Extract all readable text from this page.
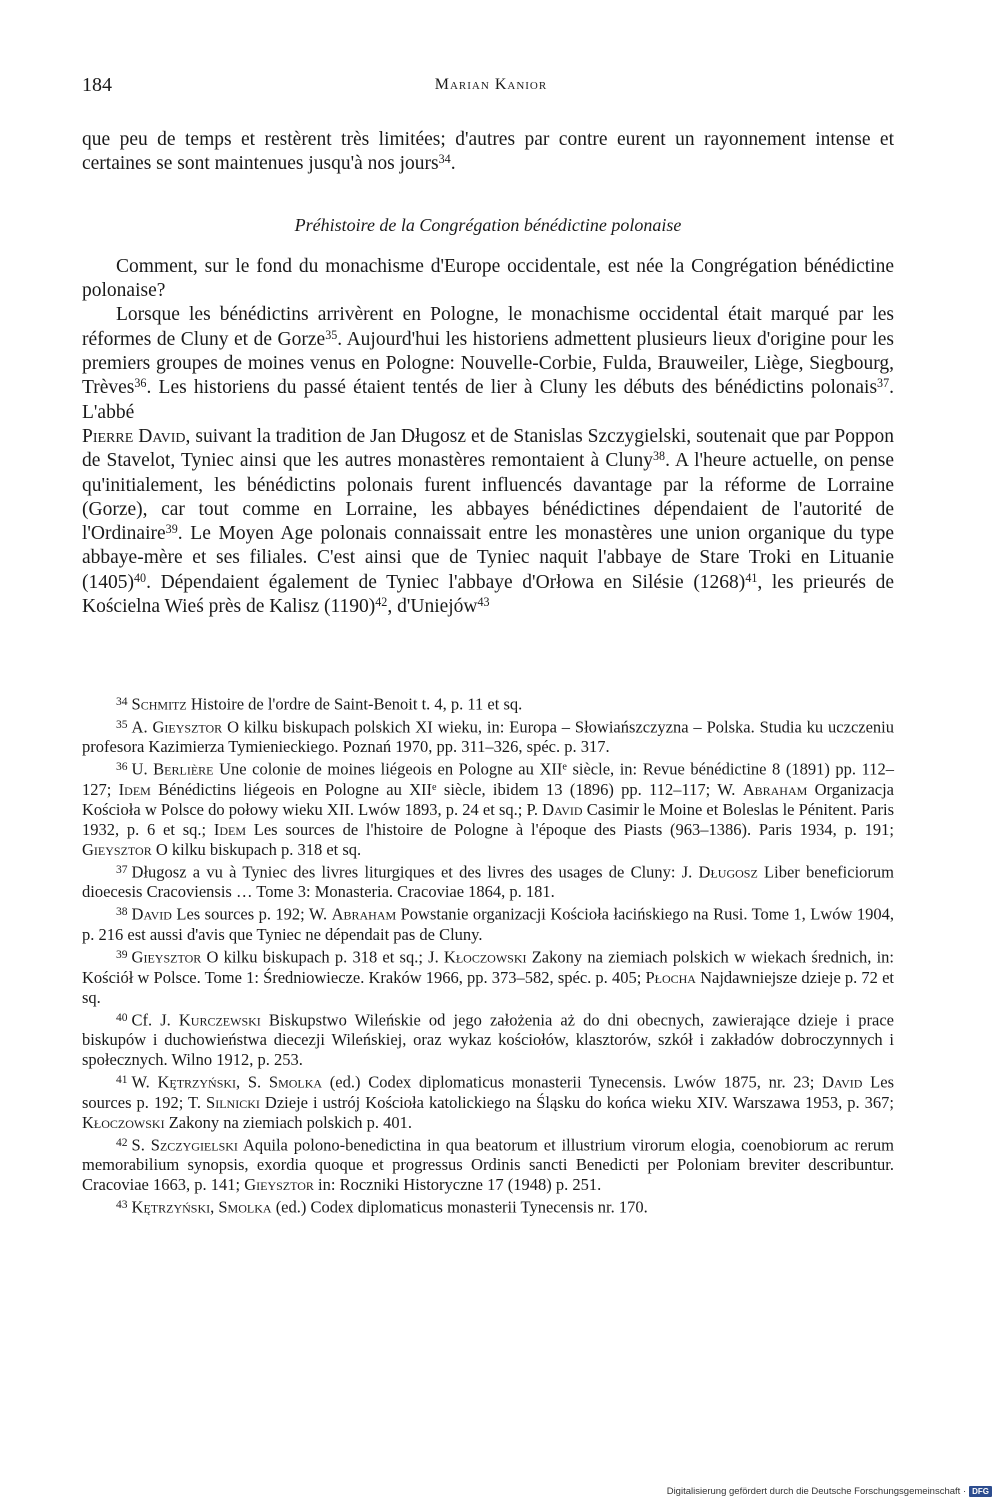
184	Marian Kanior

que peu de temps et restèrent très limitées; d'autres par contre eurent un rayonnement intense et certaines se sont maintenues jusqu'à nos jours$^{34}$.

Préhistoire de la Congrégation bénédictine polonaise

Comment, sur le fond du monachisme d'Europe occidentale, est née la Congrégation bénédictine polonaise?

Lorsque les bénédictins arrivèrent en Pologne, le monachisme occidental était marqué par les réformes de Cluny et de Gorze$^{35}$. Aujourd'hui les historiens admettent plusieurs lieux d'origine pour les premiers groupes de moines venus en Pologne: Nouvelle-Corbie, Fulda, Brauweiler, Liège, Siegbourg, Trèves$^{36}$. Les historiens du passé étaient tentés de lier à Cluny les débuts des bénédictins polonais$^{37}$. L'abbé
Pierre David, suivant la tradition de Jan Długosz et de Stanislas Szczygielski, soutenait que par Poppon de Stavelot, Tyniec ainsi que les autres monastères remontaient à Cluny$^{38}$. A l'heure actuelle, on pense qu'initialement, les bénédictins polonais furent influencés davantage par la réforme de Lorraine (Gorze), car tout comme en Lorraine, les abbayes bénédictines dépendaient de l'autorité de l'Ordinaire$^{39}$. Le Moyen Age polonais connaissait entre les monastères une union organique du type abbaye-mère et ses filiales. C'est ainsi que de Tyniec naquit l'abbaye de Stare Troki en Lituanie $(1405)^{40}$. Dépendaient également de Tyniec l'abbaye d'Orłowa en Silésie $(1268)^{41}$, les prieurés de Kościelna Wieś près de Kalisz $(1190)^{42}$, d'Uniejów$^{43}$

$^{34}$ Schmitz Histoire de l'ordre de Saint-Benoit t. 4, p. 11 et sq.

$^{35}$ A. Gieysztor O kilku biskupach polskich XI wieku, in: Europa – Słowiańszczyzna – Polska. Studia ku uczczeniu profesora Kazimierza Tymienieckiego. Poznań 1970, pp. 311–326, spéc. p. 317.

$^{36}$ U. Berlière Une colonie de moines liégeois en Pologne au XIIe siècle, in: Revue bénédictine 8 (1891) pp. 112–127; Idem Bénédictins liégeois en Pologne au XIIe siècle, ibidem 13 (1896) pp. 112–117; W. Abraham Organizacja Kościoła w Polsce do połowy wieku XII. Lwów 1893, p. 24 et sq.; P. David Casimir le Moine et Boleslas le Pénitent. Paris 1932, p. 6 et sq.; Idem Les sources de l'histoire de Pologne à l'époque des Piasts (963–1386). Paris 1934, p. 191; Gieysztor O kilku biskupach p. 318 et sq.

$^{37}$ Długosz a vu à Tyniec des livres liturgiques et des livres des usages de Cluny: J. Długosz Liber beneficiorum dioecesis Cracoviensis … Tome 3: Monasteria. Cracoviae 1864, p. 181.

$^{38}$ David Les sources p. 192; W. Abraham Powstanie organizacji Kościoła łacińskiego na Rusi. Tome 1, Lwów 1904, p. 216 est aussi d'avis que Tyniec ne dépendait pas de Cluny.

$^{39}$ Gieysztor O kilku biskupach p. 318 et sq.; J. Kłoczowski Zakony na ziemiach polskich w wiekach średnich, in: Kościół w Polsce. Tome 1: Średniowiecze. Kraków 1966, pp. 373–582, spéc. p. 405; Płocha Najdawniejsze dzieje p. 72 et sq.

$^{40}$ Cf. J. Kurczewski Biskupstwo Wileńskie od jego założenia aż do dni obecnych, zawierające dzieje i prace biskupów i duchowieństwa diecezji Wileńskiej, oraz wykaz kościołów, klasztorów, szkół i zakładów dobroczynnych i społecznych. Wilno 1912, p. 253.

$^{41}$ W. Kętrzyński, S. Smolka (ed.) Codex diplomaticus monasterii Tynecensis. Lwów 1875, nr. 23; David Les sources p. 192; T. Silnicki Dzieje i ustrój Kościoła katolickiego na Śląsku do końca wieku XIV. Warszawa 1953, p. 367; Kłoczowski Zakony na ziemiach polskich p. 401.

$^{42}$ S. Szczygielski Aquila polono-benedictina in qua beatorum et illustrium virorum elogia, coenobiorum ac rerum memorabilium synopsis, exordia quoque et progressus Ordinis sancti Benedicti per Poloniam breviter describuntur. Cracoviae 1663, p. 141; Gieysztor in: Roczniki Historyczne 17 (1948) p. 251.

$^{43}$ Kętrzyński, Smolka (ed.) Codex diplomaticus monasterii Tynecensis nr. 170.

Digitalisierung gefördert durch die Deutsche Forschungsgemeinschaft · DFG
